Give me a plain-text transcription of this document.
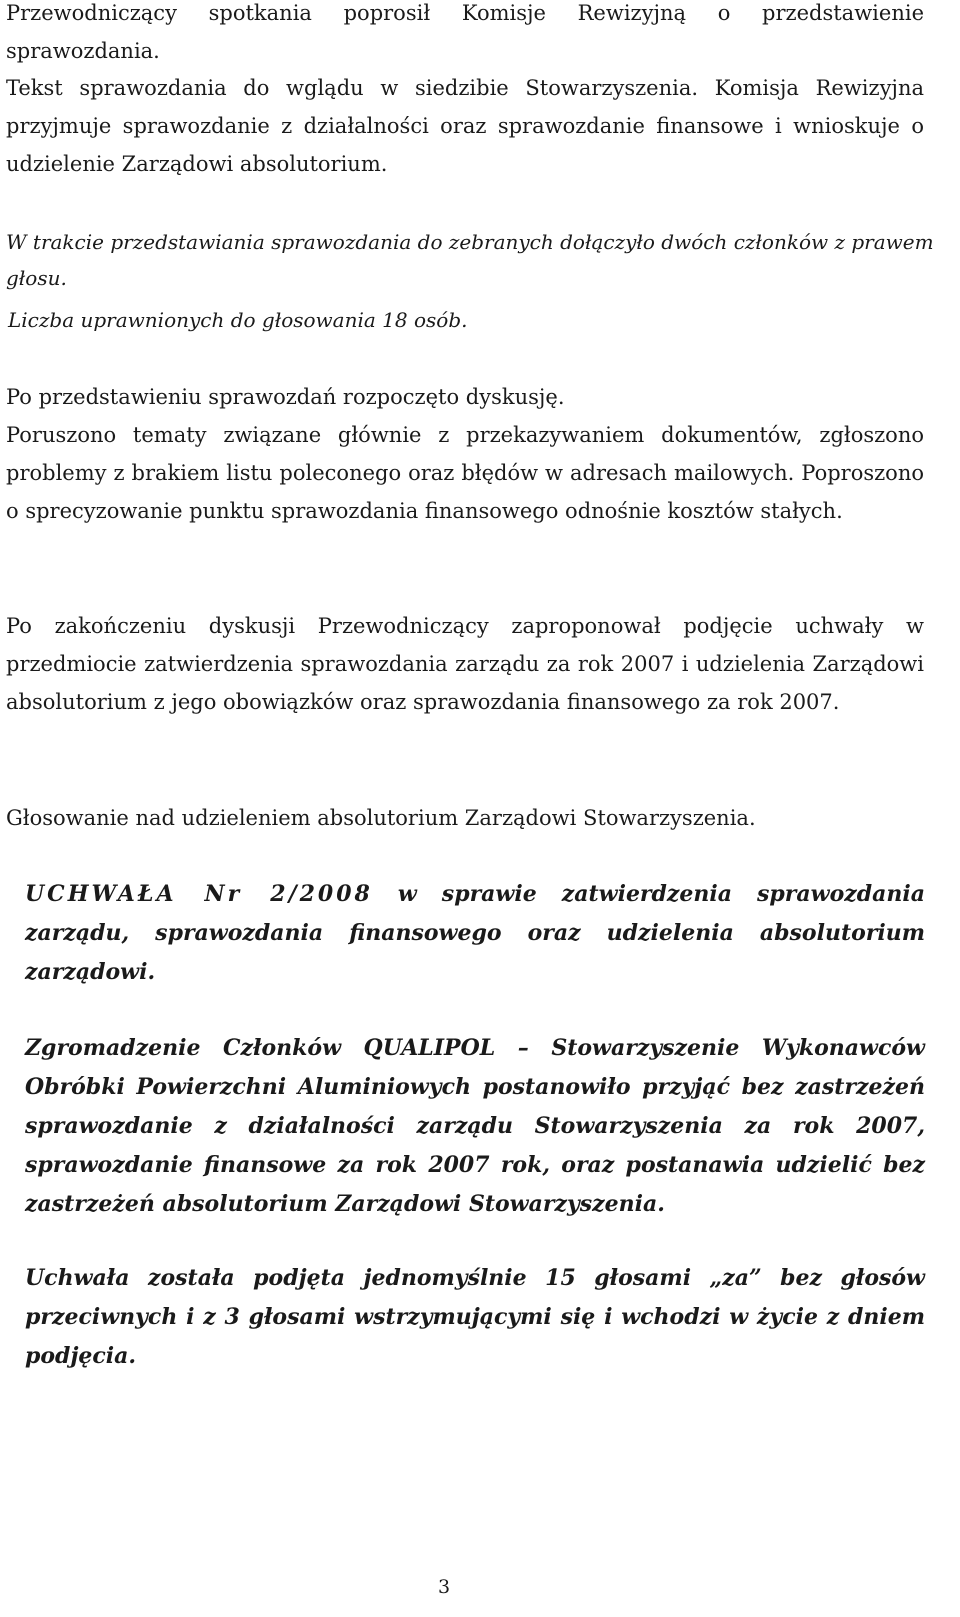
Przewodniczący spotkania poprosił Komisje Rewizyjną o przedstawienie sprawozdania.

Tekst sprawozdania do wglądu w siedzibie Stowarzyszenia. Komisja Rewizyjna przyjmuje sprawozdanie z działalności oraz sprawozdanie finansowe i wnioskuje o udzielenie Zarządowi absolutorium.

W trakcie przedstawiania sprawozdania do zebranych dołączyło dwóch członków z prawem głosu.

Liczba uprawnionych do głosowania 18 osób.

Po przedstawieniu sprawozdań rozpoczęto dyskusję.

Poruszono tematy związane głównie z przekazywaniem dokumentów, zgłoszono problemy z brakiem listu poleconego oraz błędów w adresach mailowych. Poproszono o sprecyzowanie punktu sprawozdania finansowego odnośnie kosztów stałych.

Po zakończeniu dyskusji Przewodniczący zaproponował podjęcie uchwały w przedmiocie zatwierdzenia sprawozdania zarządu za rok 2007 i udzielenia Zarządowi absolutorium z jego obowiązków oraz sprawozdania finansowego za rok 2007.

Głosowanie nad udzieleniem absolutorium Zarządowi Stowarzyszenia.

UCHWAŁA Nr 2/2008 w sprawie zatwierdzenia sprawozdania zarządu, sprawozdania finansowego oraz udzielenia absolutorium zarządowi.

Zgromadzenie Członków QUALIPOL – Stowarzyszenie Wykonawców Obróbki Powierzchni Aluminiowych postanowiło przyjąć bez zastrzeżeń sprawozdanie z działalności zarządu Stowarzyszenia za rok 2007, sprawozdanie finansowe za rok 2007 rok, oraz postanawia udzielić bez zastrzeżeń absolutorium Zarządowi Stowarzyszenia.

Uchwała została podjęta jednomyślnie 15 głosami „za” bez głosów przeciwnych i z 3 głosami wstrzymującymi się i wchodzi w życie z dniem podjęcia.

3
